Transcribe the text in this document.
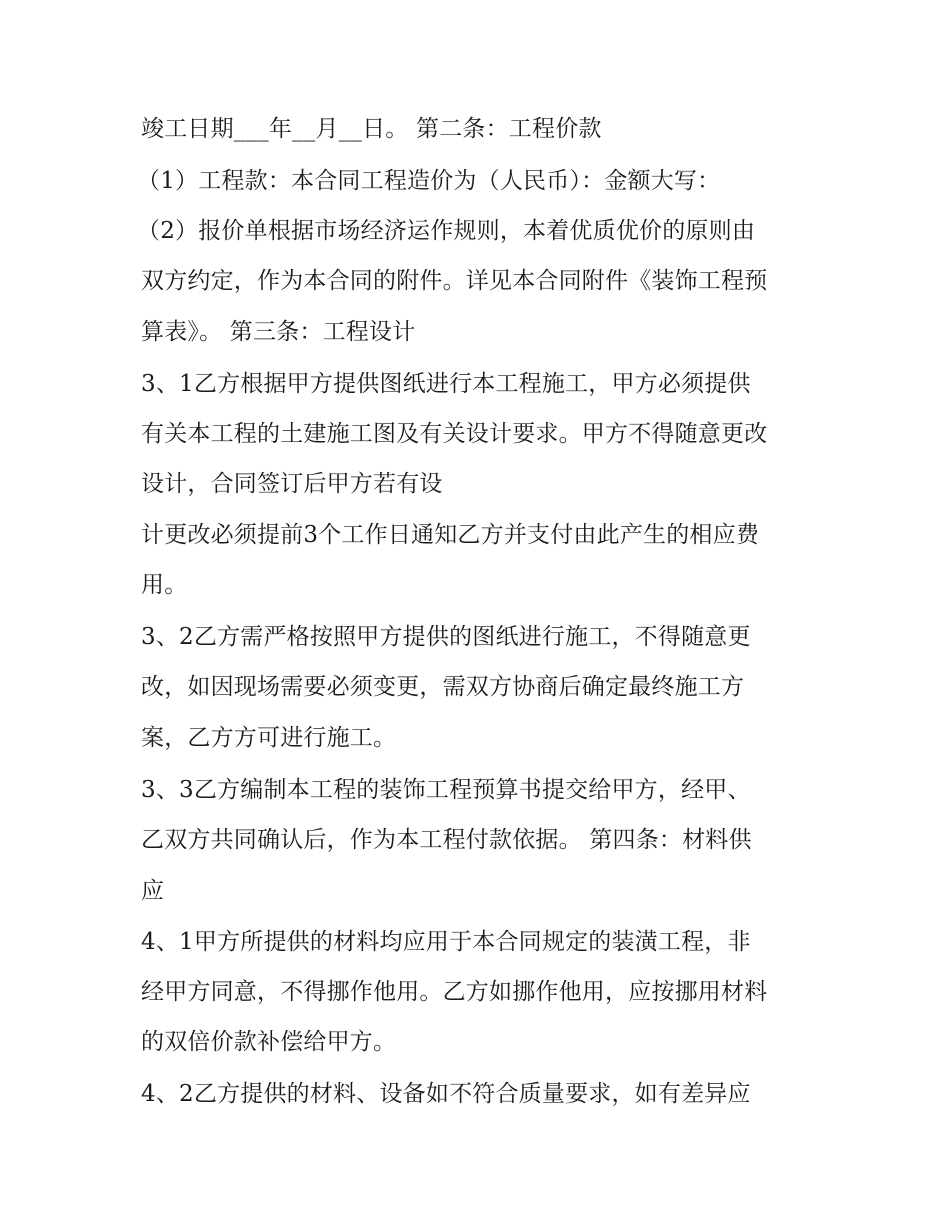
竣工日期___年__月__日。 第二条：工程价款
（1）工程款：本合同工程造价为（人民币）：金额大写：
（2）报价单根据市场经济运作规则，本着优质优价的原则由
双方约定，作为本合同的附件。详见本合同附件《装饰工程预
算表》。 第三条：工程设计
3、1乙方根据甲方提供图纸进行本工程施工，甲方必须提供
有关本工程的土建施工图及有关设计要求。甲方不得随意更改
设计，合同签订后甲方若有设
计更改必须提前3个工作日通知乙方并支付由此产生的相应费
用。
3、2乙方需严格按照甲方提供的图纸进行施工，不得随意更
改，如因现场需要必须变更，需双方协商后确定最终施工方
案，乙方方可进行施工。
3、3乙方编制本工程的装饰工程预算书提交给甲方，经甲、
乙双方共同确认后，作为本工程付款依据。 第四条：材料供
应
4、1甲方所提供的材料均应用于本合同规定的装潢工程，非
经甲方同意，不得挪作他用。乙方如挪作他用，应按挪用材料
的双倍价款补偿给甲方。
4、2乙方提供的材料、设备如不符合质量要求，如有差异应
